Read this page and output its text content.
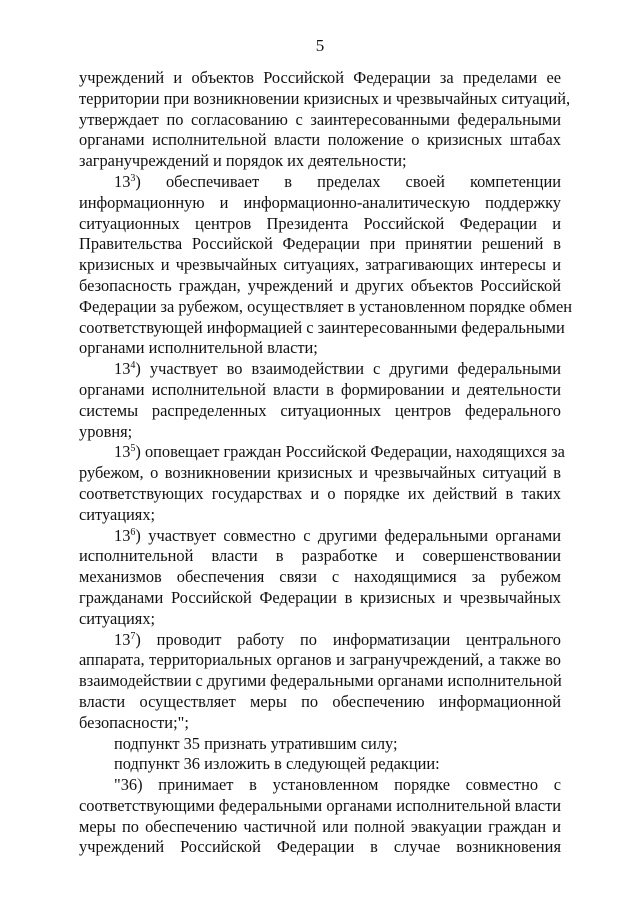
5
учреждений и объектов Российской Федерации за пределами ее
территории при возникновении кризисных и чрезвычайных ситуаций,
утверждает по согласованию с заинтересованными федеральными
органами исполнительной власти положение о кризисных штабах
загранучреждений и порядок их деятельности;
$13^3$) обеспечивает в пределах своей компетенции
информационную и информационно-аналитическую поддержку
ситуационных центров Президента Российской Федерации и
Правительства Российской Федерации при принятии решений в
кризисных и чрезвычайных ситуациях, затрагивающих интересы и
безопасность граждан, учреждений и других объектов Российской
Федерации за рубежом, осуществляет в установленном порядке обмен
соответствующей информацией с заинтересованными федеральными
органами исполнительной власти;
$13^4$) участвует во взаимодействии с другими федеральными
органами исполнительной власти в формировании и деятельности
системы распределенных ситуационных центров федерального
уровня;
$13^5$) оповещает граждан Российской Федерации, находящихся за
рубежом, о возникновении кризисных и чрезвычайных ситуаций в
соответствующих государствах и о порядке их действий в таких
ситуациях;
$13^6$) участвует совместно с другими федеральными органами
исполнительной власти в разработке и совершенствовании
механизмов обеспечения связи с находящимися за рубежом
гражданами Российской Федерации в кризисных и чрезвычайных
ситуациях;
$13^7$) проводит работу по информатизации центрального
аппарата, территориальных органов и загранучреждений, а также во
взаимодействии с другими федеральными органами исполнительной
власти осуществляет меры по обеспечению информационной
безопасности;";
подпункт 35 признать утратившим силу;
подпункт 36 изложить в следующей редакции:
"36) принимает в установленном порядке совместно с
соответствующими федеральными органами исполнительной власти
меры по обеспечению частичной или полной эвакуации граждан и
учреждений Российской Федерации в случае возникновения
